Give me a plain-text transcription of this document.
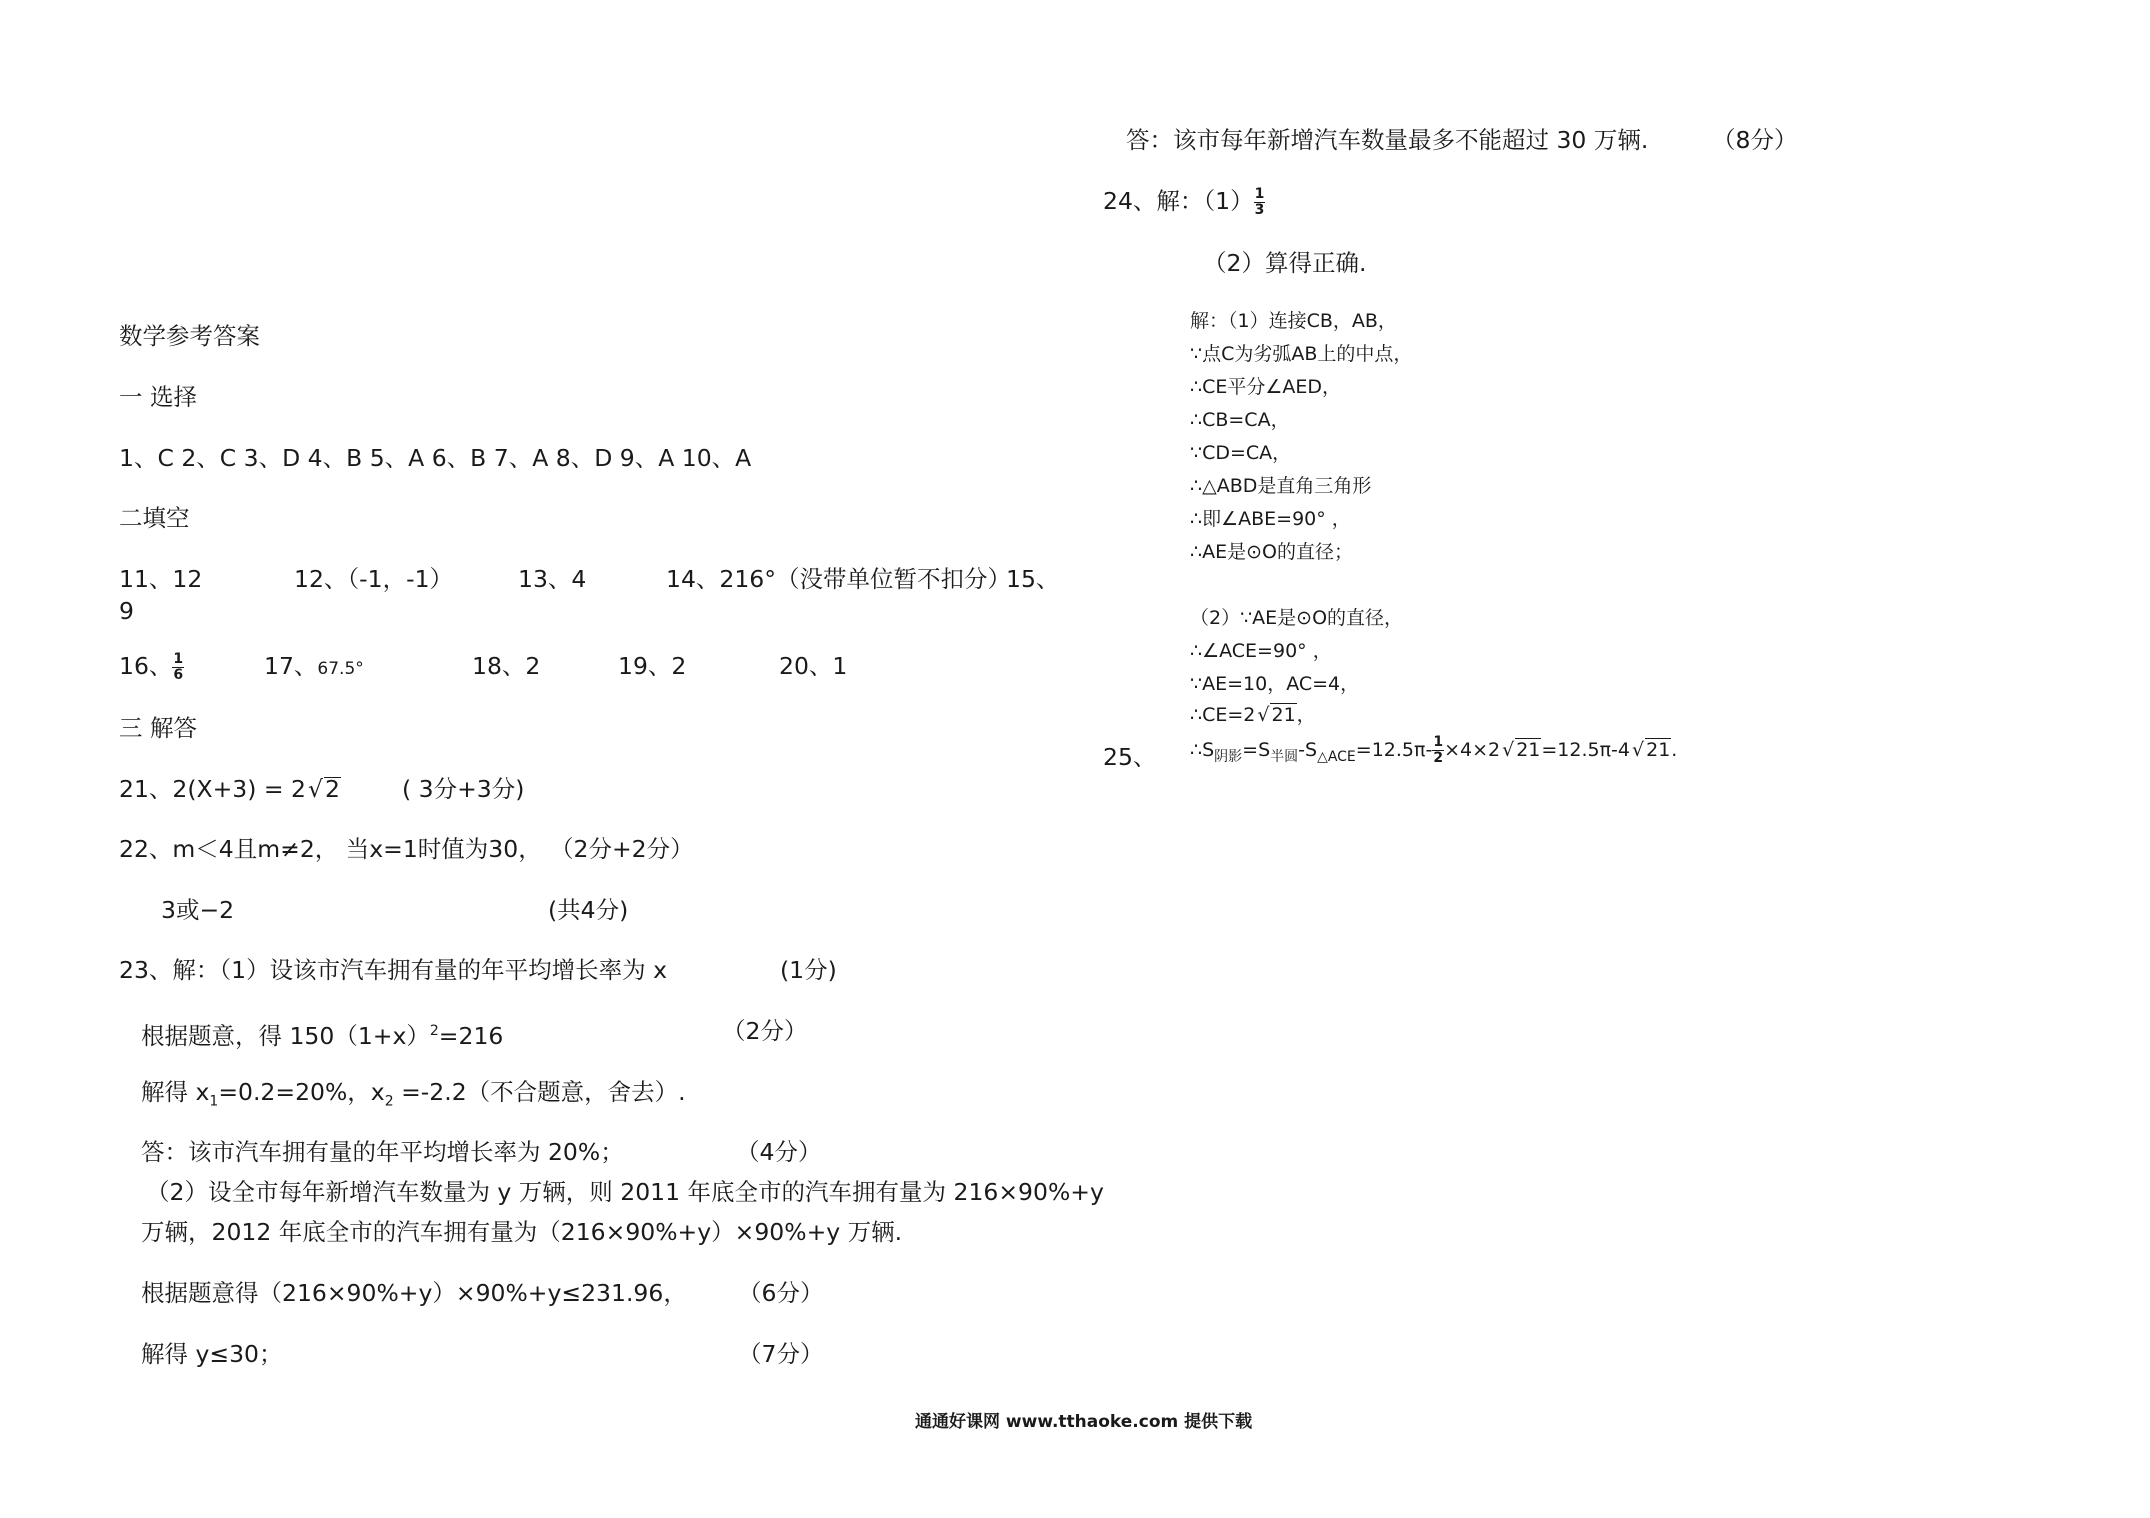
数学参考答案
一 选择
1、C 2、C 3、D 4、B 5、A 6、B 7、A 8、D 9、A 10、A
二填空
11、12	12、（-1，-1）	13、4	14、216°（没带单位暂不扣分）
15、
9
16、 $\frac{1}{6}$	17、67.5°	18、2	19、2	20、1
三 解答
21、2(X+3) = 2√2	( 3分+3分)
22、m＜4且m≠2， 当x=1时值为30， （2分+2分）
3或−2	(共4分)
23、解：（1）设该市汽车拥有量的年平均增长率为 x	(1分)
根据题意，得 $150(1+x)^2=216$	（2分）
解得 $x_1=0.2=20\%$，$x_2 =-2.2$（不合题意，舍去）.
答：该市汽车拥有量的年平均增长率为 20%；	（4分）
（2）设全市每年新增汽车数量为 y 万辆，则 2011 年底全市的汽车拥有量为 216×90%+y
万辆，2012 年底全市的汽车拥有量为（216×90%+y）×90%+y 万辆.
根据题意得（216×90%+y）×90%+y≤231.96， （6分）
解得 y≤30；	（7分）
答：该市每年新增汽车数量最多不能超过 30 万辆.	（8分）
24、解：$(1) \frac{1}{3}$
（2）算得正确.
解：（1）连接CB，AB，
∵点C为劣弧AB上的中点，
∴CE平分∠AED，
∴CB=CA，
∵CD=CA，
∴△ABD是直角三角形
∴即∠ABE=90° ，
∴AE是⊙O的直径；
（2）∵AE是⊙O的直径，
∴∠ACE=90° ，
∵AE=10，AC=4，
∴CE=2 √ 21，
25、 $\therefore S_{阴影}=S_{半圆}-S_{\triangle ACE}=12.5\pi- \frac{1}{2} \times 4\times 2$ √ 21=12.5π-4 √ 21.
通通好课网 www.tthaoke.com 提供下载
